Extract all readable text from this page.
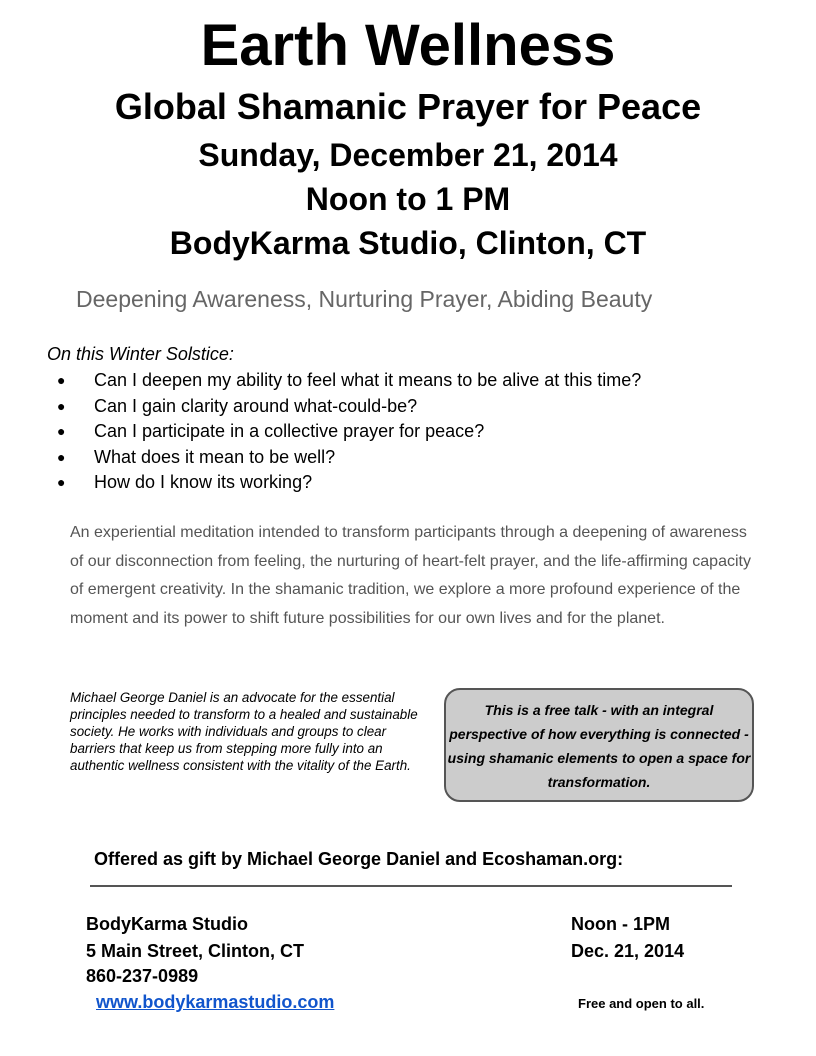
Earth Wellness
Global Shamanic Prayer for Peace
Sunday, December 21, 2014
Noon to 1 PM
BodyKarma Studio, Clinton, CT
Deepening Awareness, Nurturing Prayer, Abiding Beauty
On this Winter Solstice:
● Can I deepen my ability to feel what it means to be alive at this time?
● Can I gain clarity around what-could-be?
● Can I participate in a collective prayer for peace?
● What does it mean to be well?
● How do I know its working?
An experiential meditation intended to transform participants through a deepening of awareness of our disconnection from feeling, the nurturing of heart-felt prayer, and the life-affirming capacity of emergent creativity. In the shamanic tradition, we explore a more profound experience of the moment and its power to shift future possibilities for our own lives and for the planet.
Michael George Daniel is an advocate for the essential principles needed to transform to a healed and sustainable society. He works with individuals and groups to clear barriers that keep us from stepping more fully into an authentic wellness consistent with the vitality of the Earth.
This is a free talk - with an integral perspective of how everything is connected - using shamanic elements to open a space for transformation.
Offered as gift by Michael George Daniel and Ecoshaman.org:
BodyKarma Studio
5 Main Street, Clinton, CT
860-237-0989
www.bodykarmastudio.com
Noon - 1PM
Dec. 21, 2014
Free and open to all.
